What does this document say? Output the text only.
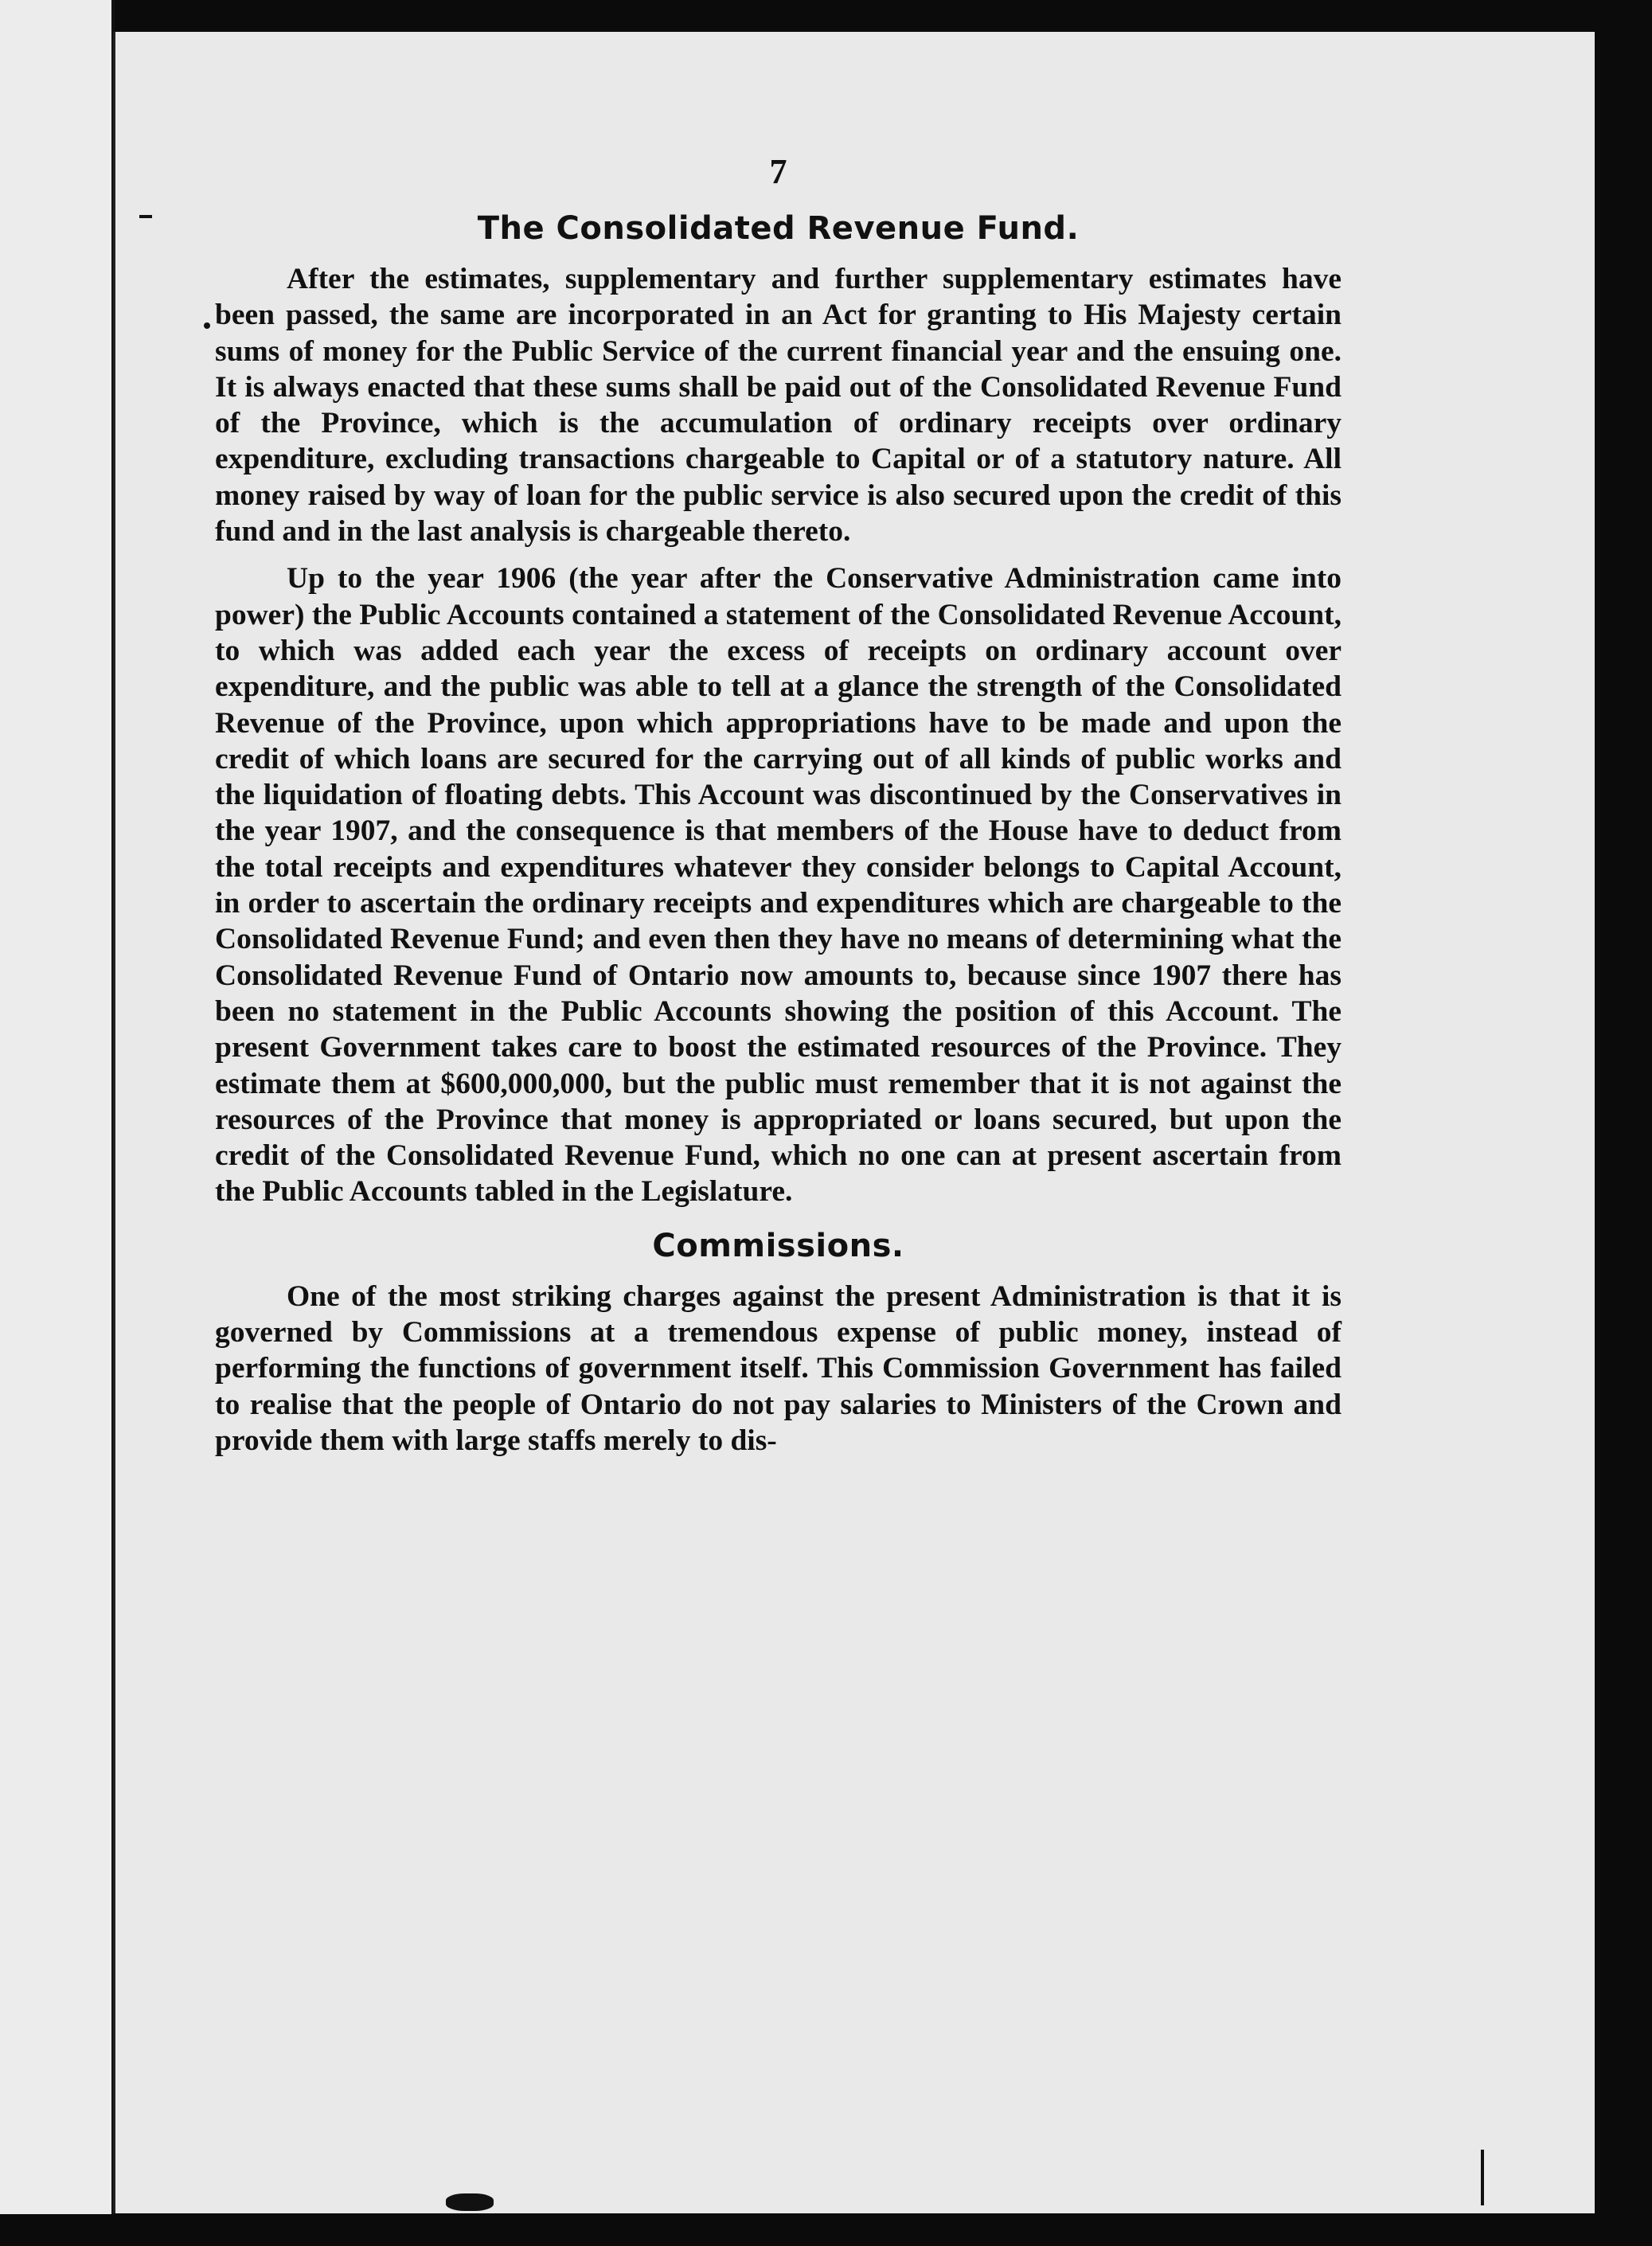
7
The Consolidated Revenue Fund.

After the estimates, supplementary and further supplementary estimates have been passed, the same are incorporated in an Act for granting to His Majesty certain sums of money for the Public Service of the current financial year and the ensuing one. It is always enacted that these sums shall be paid out of the Consolidated Revenue Fund of the Province, which is the accumulation of ordinary receipts over ordinary expenditure, excluding transactions chargeable to Capital or of a statutory nature. All money raised by way of loan for the public service is also secured upon the credit of this fund and in the last analysis is chargeable thereto.

Up to the year 1906 (the year after the Conservative Administration came into power) the Public Accounts contained a statement of the Consolidated Revenue Account, to which was added each year the excess of receipts on ordinary account over expenditure, and the public was able to tell at a glance the strength of the Consolidated Revenue of the Province, upon which appropriations have to be made and upon the credit of which loans are secured for the carrying out of all kinds of public works and the liquidation of floating debts. This Account was discontinued by the Conservatives in the year 1907, and the consequence is that members of the House have to deduct from the total receipts and expenditures whatever they consider belongs to Capital Account, in order to ascertain the ordinary receipts and expenditures which are chargeable to the Consolidated Revenue Fund; and even then they have no means of determining what the Consolidated Revenue Fund of Ontario now amounts to, because since 1907 there has been no statement in the Public Accounts showing the position of this Account. The present Government takes care to boost the estimated resources of the Province. They estimate them at $600,000,000, but the public must remember that it is not against the resources of the Province that money is appropriated or loans secured, but upon the credit of the Consolidated Revenue Fund, which no one can at present ascertain from the Public Accounts tabled in the Legislature.

Commissions.

One of the most striking charges against the present Administration is that it is governed by Commissions at a tremendous expense of public money, instead of performing the functions of government itself. This Commission Government has failed to realise that the people of Ontario do not pay salaries to Ministers of the Crown and provide them with large staffs merely to dis-
